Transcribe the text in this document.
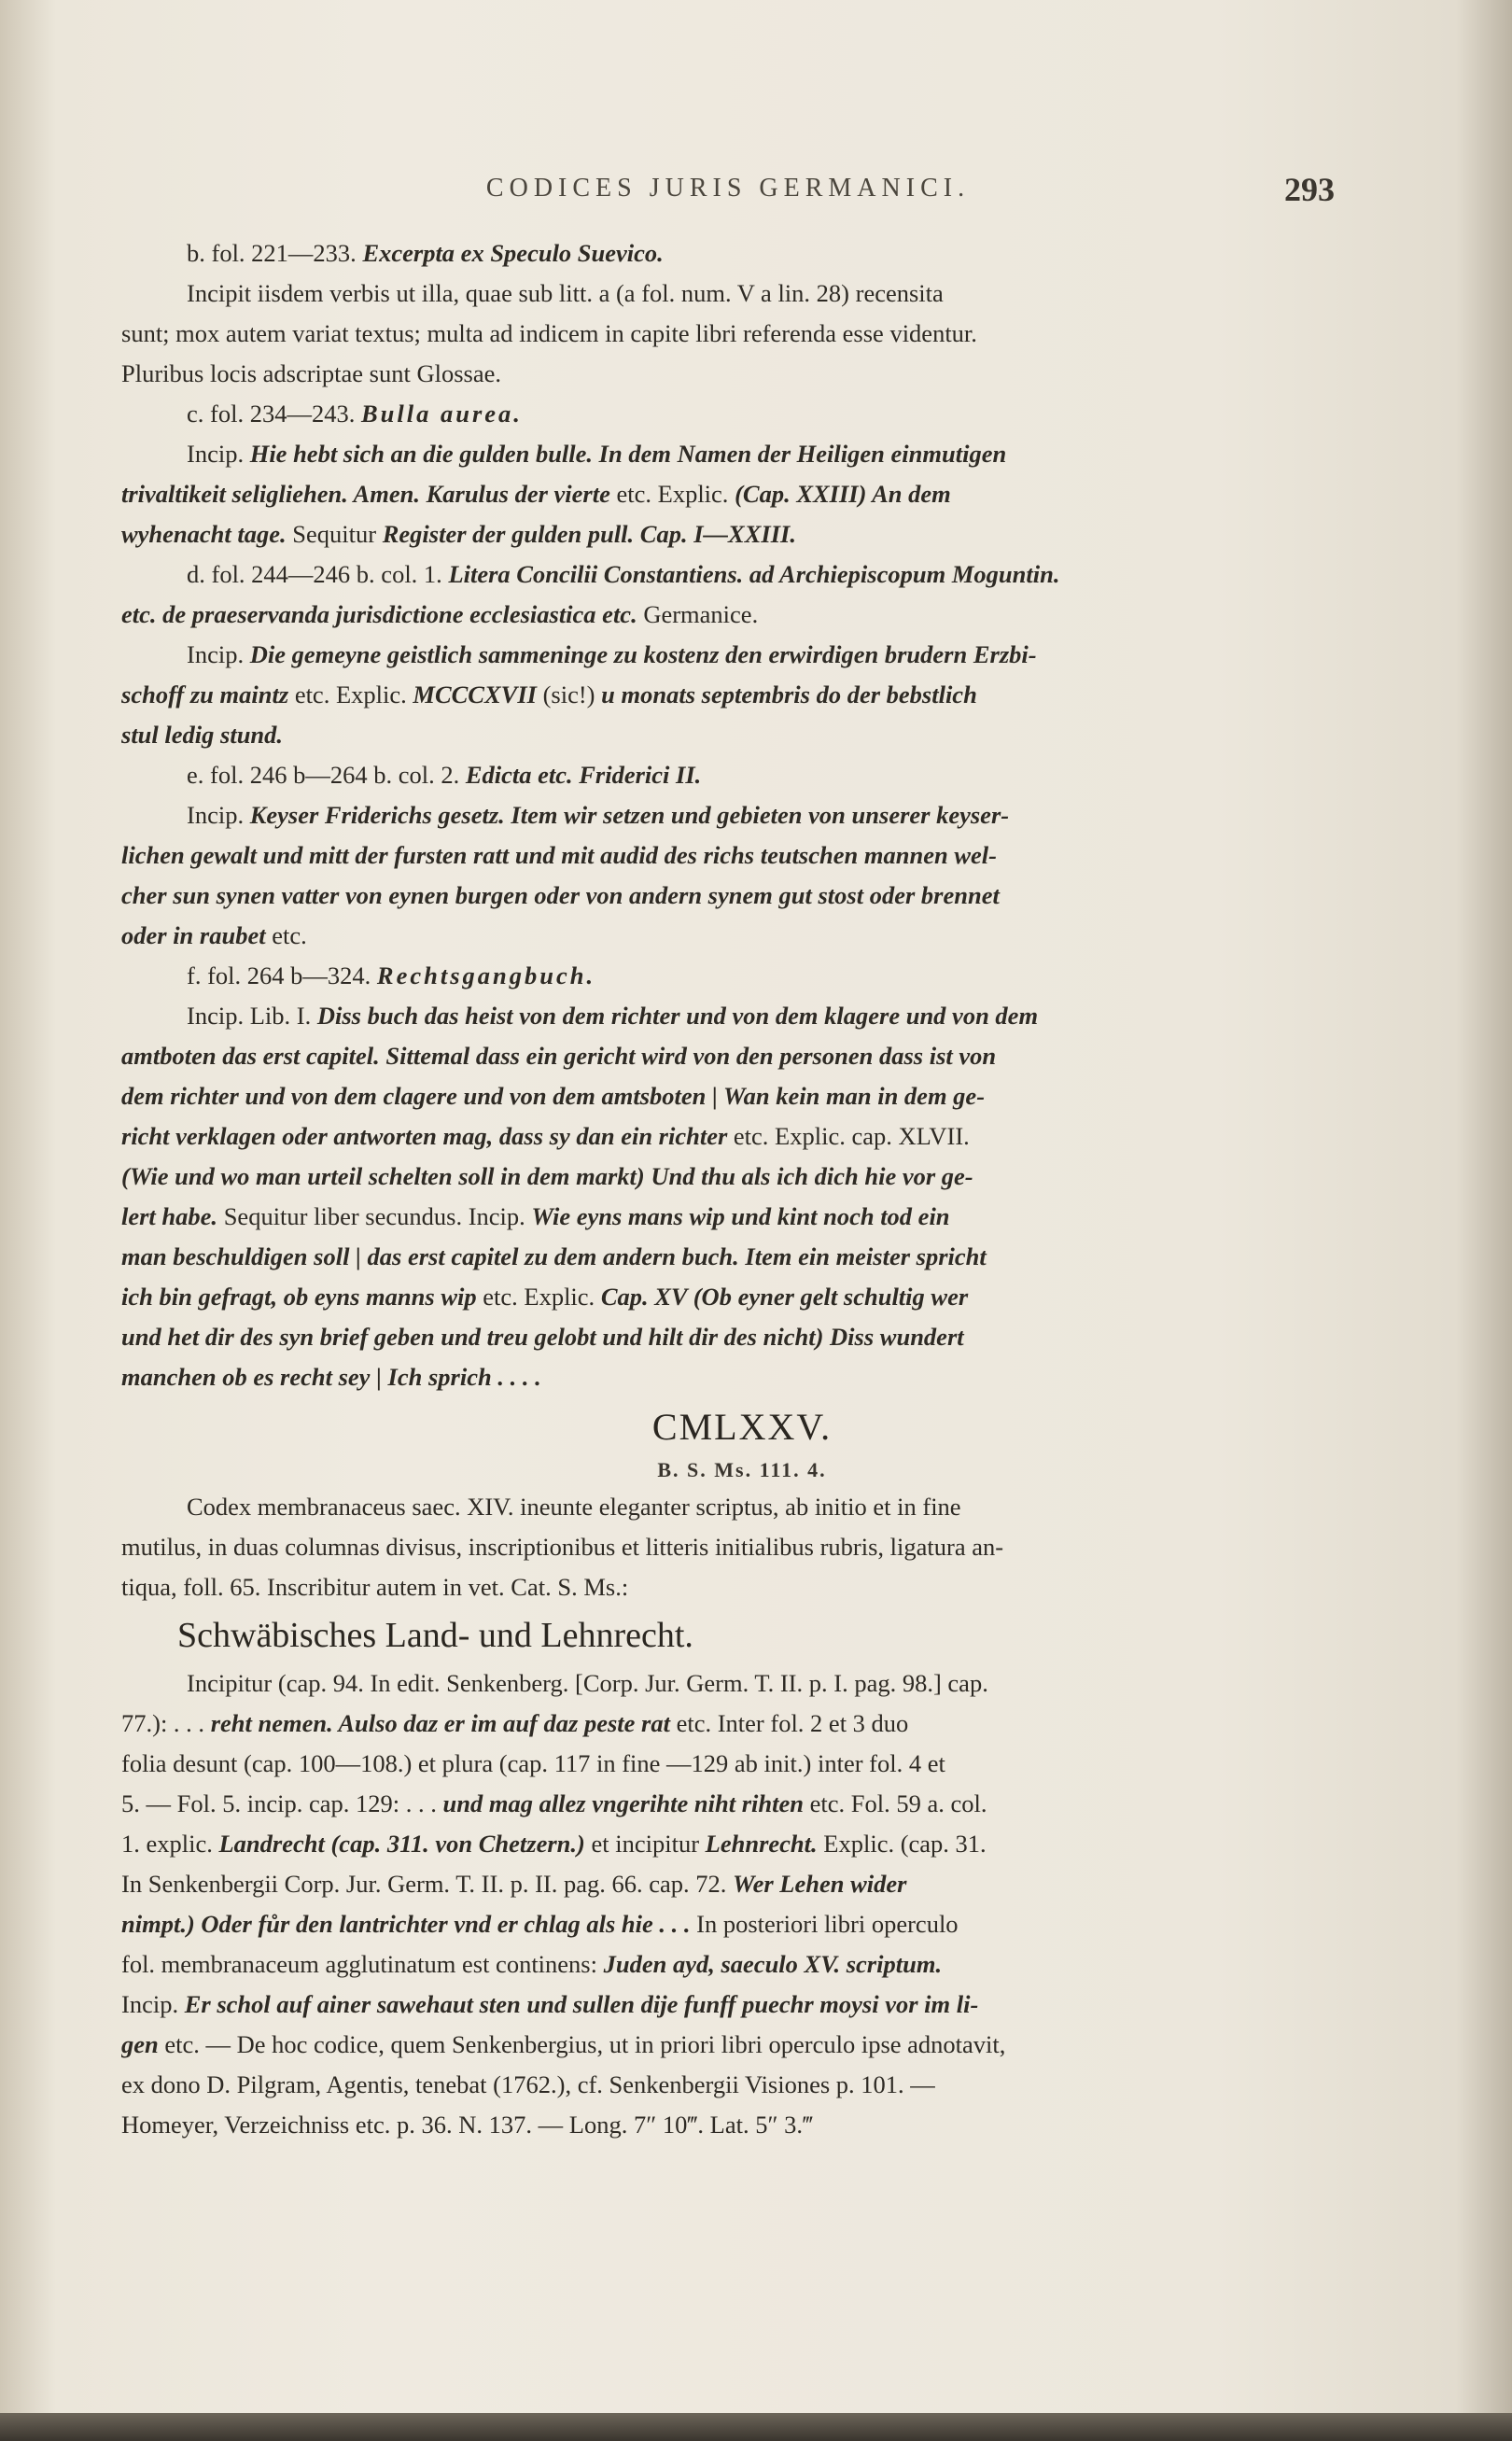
CODICES JURIS GERMANICI.	293
b. fol. 221—233. Excerpta ex Speculo Suevico.
Incipit iisdem verbis ut illa, quae sub litt. a (a fol. num. V a lin. 28) recensita
sunt; mox autem variat textus; multa ad indicem in capite libri referenda esse videntur.
Pluribus locis adscriptae sunt Glossae.
c. fol. 234—243. Bulla aurea.
Incip. Hie hebt sich an die gulden bulle. In dem Namen der Heiligen einmutigen
trivaltikeit seligliehen. Amen. Karulus der vierte etc. Explic. (Cap. XXIII) An dem
wyhenacht tage. Sequitur Register der gulden pull. Cap. I—XXIII.
d. fol. 244—246 b. col. 1. Litera Concilii Constantiens. ad Archiepiscopum Moguntin.
etc. de praeservanda jurisdictione ecclesiastica etc. Germanice.
Incip. Die gemeyne geistlich sammeninge zu kostenz den erwirdigen brudern Erzbi-
schoff zu maintz etc. Explic. MCCCXVII (sic!) u monats septembris do der bebstlich
stul ledig stund.
e. fol. 246 b—264 b. col. 2. Edicta etc. Friderici II.
Incip. Keyser Friderichs gesetz. Item wir setzen und gebieten von unserer keyser-
lichen gewalt und mitt der fursten ratt und mit audid des richs teutschen mannen wel-
cher sun synen vatter von eynen burgen oder von andern synem gut stost oder brennet
oder in raubet etc.
f. fol. 264 b—324. Rechtsgangbuch.
Incip. Lib. I. Diss buch das heist von dem richter und von dem klagere und von dem
amtboten das erst capitel. Sittemal dass ein gericht wird von den personen dass ist von
dem richter und von dem clagere und von dem amtsboten | Wan kein man in dem ge-
richt verklagen oder antworten mag, dass sy dan ein richter etc. Explic. cap. XLVII.
(Wie und wo man urteil schelten soll in dem markt) Und thu als ich dich hie vor ge-
lert habe. Sequitur liber secundus. Incip. Wie eyns mans wip und kint noch tod ein
man beschuldigen soll | das erst capitel zu dem andern buch. Item ein meister spricht
ich bin gefragt, ob eyns manns wip etc. Explic. Cap. XV (Ob eyner gelt schultig wer
und het dir des syn brief geben und treu gelobt und hilt dir des nicht) Diss wundert
manchen ob es recht sey | Ich sprich . . . .
CMLXXV.
B. S. Ms. 111. 4.
Codex membranaceus saec. XIV. ineunte eleganter scriptus, ab initio et in fine
mutilus, in duas columnas divisus, inscriptionibus et litteris initialibus rubris, ligatura an-
tiqua, foll. 65. Inscribitur autem in vet. Cat. S. Ms.:
Schwäbisches Land- und Lehnrecht.
Incipitur (cap. 94. In edit. Senkenberg. [Corp. Jur. Germ. T. II. p. I. pag. 98.] cap.
77.): . . . reht nemen. Aulso daz er im auf daz peste rat etc. Inter fol. 2 et 3 duo
folia desunt (cap. 100—108.) et plura (cap. 117 in fine —129 ab init.) inter fol. 4 et
5. — Fol. 5. incip. cap. 129: . . . und mag allez vngerihte niht rihten etc. Fol. 59 a. col.
1. explic. Landrecht (cap. 311. von Chetzern.) et incipitur Lehnrecht. Explic. (cap. 31.
In Senkenbergii Corp. Jur. Germ. T. II. p. II. pag. 66. cap. 72. Wer Lehen wider
nimpt.) Oder fůr den lantrichter vnd er chlag als hie . . . In posteriori libri operculo
fol. membranaceum agglutinatum est continens: Juden ayd, saeculo XV. scriptum.
Incip. Er schol auf ainer sawehaut sten und sullen dije funff puechr moysi vor im li-
gen etc. — De hoc codice, quem Senkenbergius, ut in priori libri operculo ipse adnotavit,
ex dono D. Pilgram, Agentis, tenebat (1762.), cf. Senkenbergii Visiones p. 101. —
Homeyer, Verzeichniss etc. p. 36. N. 137. — Long. 7″ 10‴. Lat. 5″ 3.‴
